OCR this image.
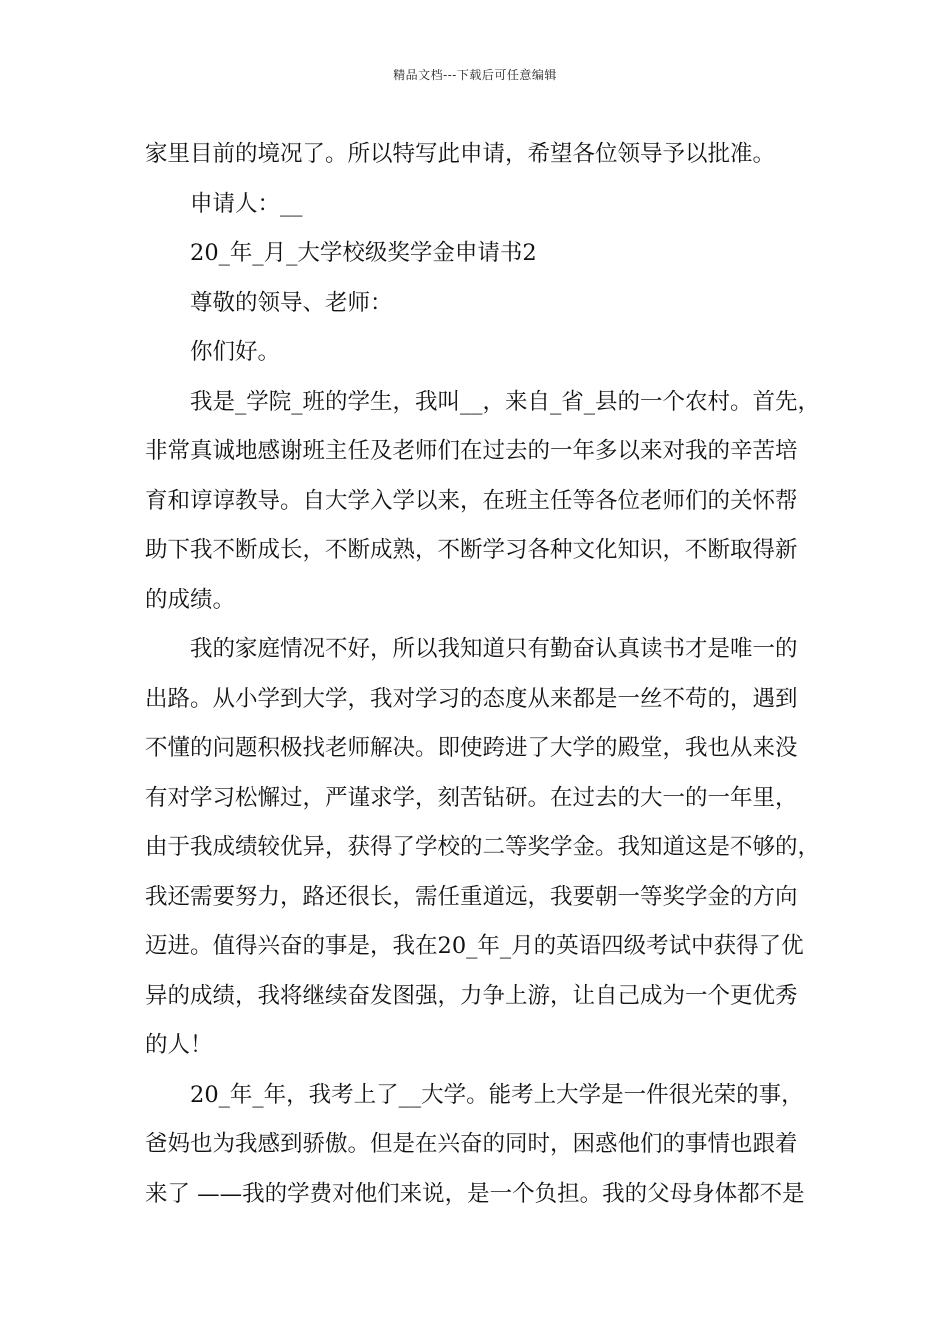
精品文档---下载后可任意编辑
家里目前的境况了。所以特写此申请，希望各位领导予以批准。
申请人：__
20_年_月_大学校级奖学金申请书2
尊敬的领导、老师：
你们好。
我是_学院_班的学生，我叫__，来自_省_县的一个农村。首先，
非常真诚地感谢班主任及老师们在过去的一年多以来对我的辛苦培
育和谆谆教导。自大学入学以来，在班主任等各位老师们的关怀帮
助下我不断成长，不断成熟，不断学习各种文化知识，不断取得新
的成绩。
我的家庭情况不好，所以我知道只有勤奋认真读书才是唯一的
出路。从小学到大学，我对学习的态度从来都是一丝不苟的，遇到
不懂的问题积极找老师解决。即使跨进了大学的殿堂，我也从来没
有对学习松懈过，严谨求学，刻苦钻研。在过去的大一的一年里，
由于我成绩较优异，获得了学校的二等奖学金。我知道这是不够的，
我还需要努力，路还很长，需任重道远，我要朝一等奖学金的方向
迈进。值得兴奋的事是，我在20_年_月的英语四级考试中获得了优
异的成绩，我将继续奋发图强，力争上游，让自己成为一个更优秀
的人！
20_年_年，我考上了__大学。能考上大学是一件很光荣的事，
爸妈也为我感到骄傲。但是在兴奋的同时，困惑他们的事情也跟着
来了 ——我的学费对他们来说，是一个负担。我的父母身体都不是
